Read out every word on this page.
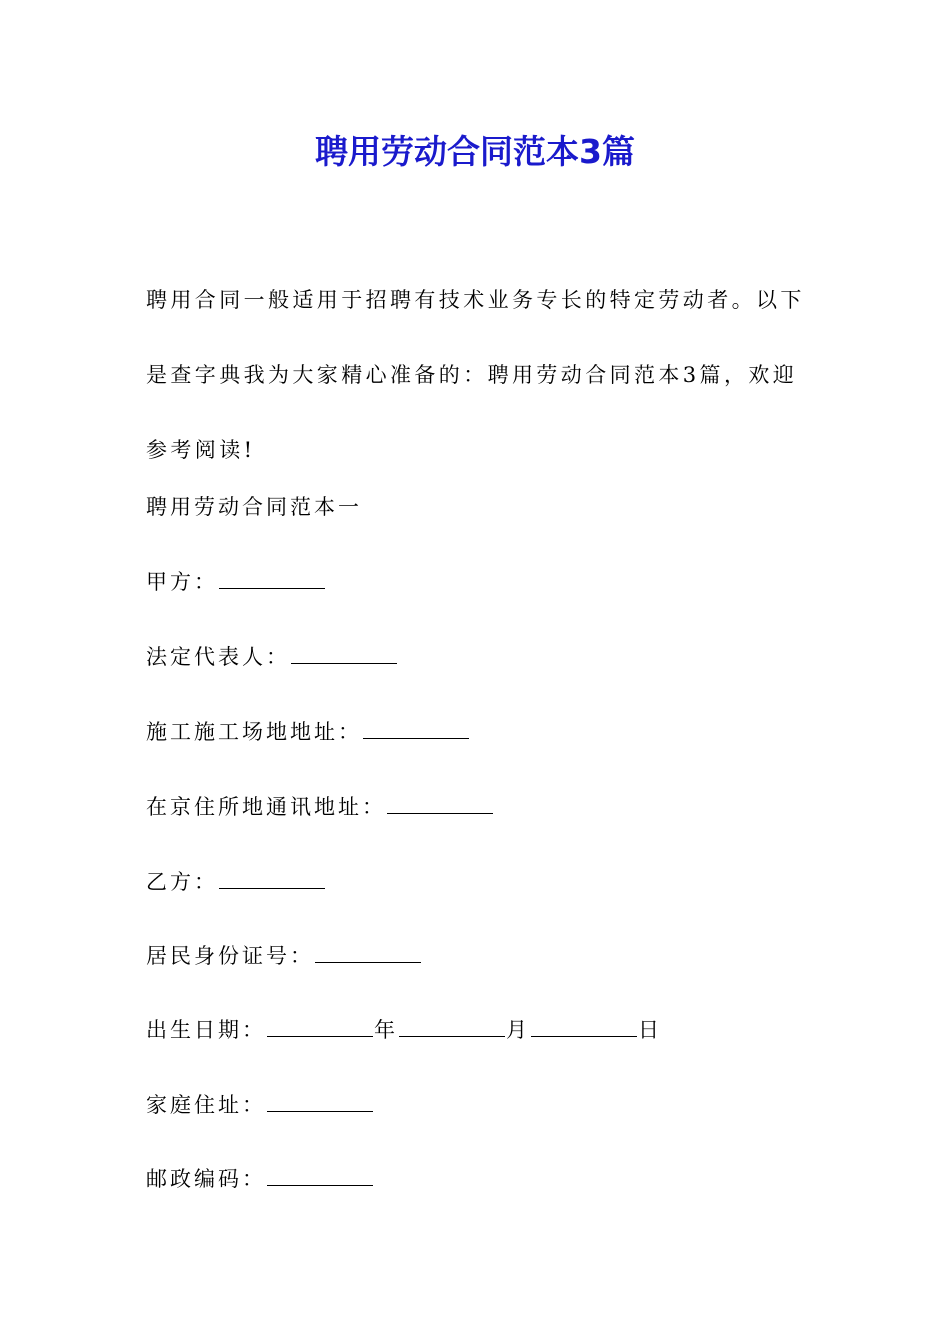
聘用劳动合同范本3篇
聘用合同一般适用于招聘有技术业务专长的特定劳动者。以下
是查字典我为大家精心准备的：聘用劳动合同范本3篇，欢迎
参考阅读!

聘用劳动合同范本一

甲方：

法定代表人：

施工施工场地地址：

在京住所地通讯地址：

乙方：

居民身份证号：

出生日期：	年	月	日

家庭住址：

邮政编码：
